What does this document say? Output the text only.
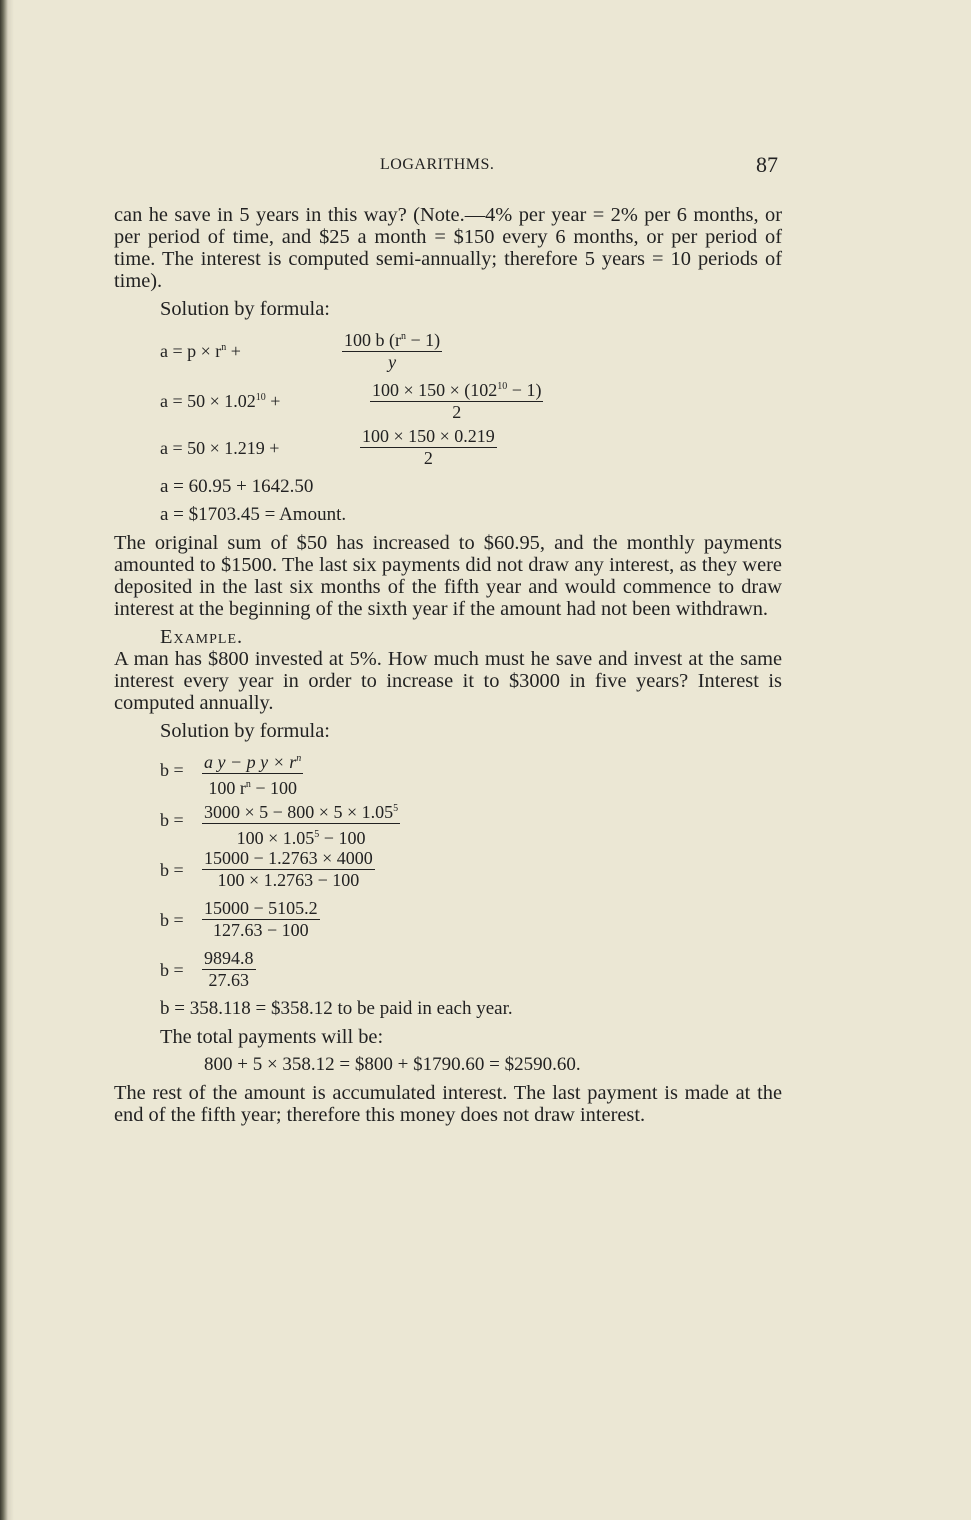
LOGARITHMS.	87

can he save in 5 years in this way? (Note.—4% per year = 2% per 6 months, or per period of time, and $25 a month = $150 every 6 months, or per period of time. The interest is computed semi-annually; therefore 5 years = 10 periods of time).

Solution by formula:

$a = p \times r^n$ +	$\frac{100 b (r^n - 1)}{y}$
$a = 50 \times 1.02^{10}$ +	$\frac{100 \times 150 \times (102^{10} - 1)}{2}$
a = 50 × 1.219 +	$\frac{100 \times 150 \times 0.219}{2}$
a = 60.95 + 1642.50
a = $1703.45 = Amount.

The original sum of $50 has increased to $60.95, and the monthly payments amounted to $1500. The last six payments did not draw any interest, as they were deposited in the last six months of the fifth year and would commence to draw interest at the beginning of the sixth year if the amount had not been withdrawn.

Example.

A man has $800 invested at 5%. How much must he save and invest at the same interest every year in order to increase it to $3000 in five years? Interest is computed annually.

Solution by formula:

$b = \frac{a y - p y \times r^n}{100 r^n - 100}$
$b = \frac{3000 \times 5 - 800 \times 5 \times 1.05^5}{100 \times 1.05^5 - 100}$
$b = \frac{15000 - 1.2763 \times 4000}{100 \times 1.2763 - 100}$
$b = \frac{15000 - 5105.2}{127.63 - 100}$
$b = \frac{9894.8}{27.63}$
b = 358.118 = $358.12 to be paid in each year.

The total payments will be:

800 + 5 × 358.12 = $800 + $1790.60 = $2590.60.

The rest of the amount is accumulated interest. The last payment is made at the end of the fifth year; therefore this money does not draw interest.
